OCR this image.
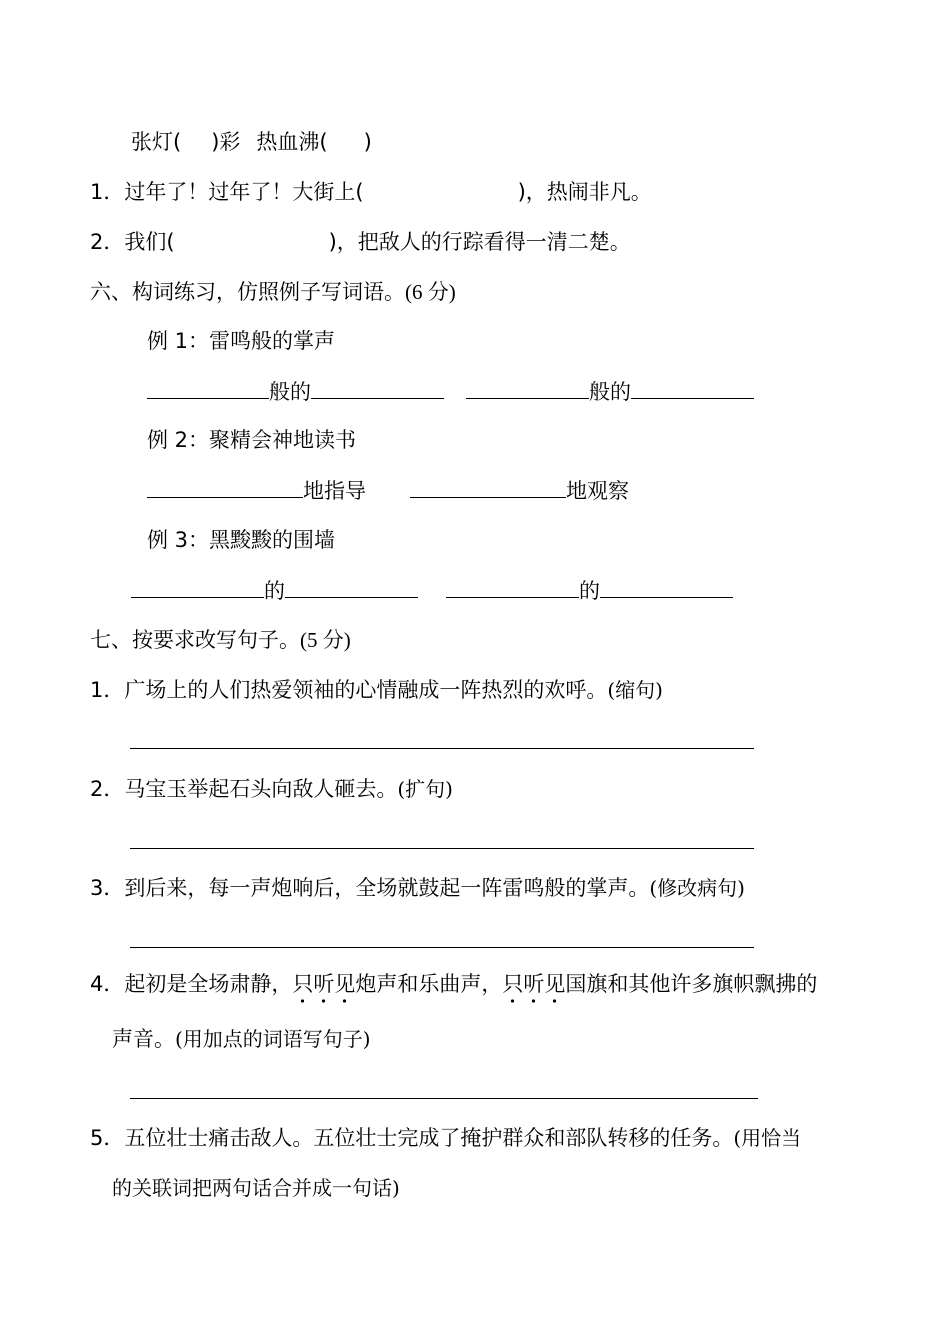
张灯( )彩 热血沸( )
1．过年了！过年了！大街上(	)，热闹非凡。
2．我们(	)，把敌人的行踪看得一清二楚。
六、构词练习，仿照例子写词语。(6 分)
例 1：雷鸣般的掌声
般的	般的
例 2：聚精会神地读书
地指导	地观察
例 3：黑黢黢的围墙
的	的
七、按要求改写句子。(5 分)
1．广场上的人们热爱领袖的心情融成一阵热烈的欢呼。(缩句)
2．马宝玉举起石头向敌人砸去。(扩句)
3．到后来，每一声炮响后，全场就鼓起一阵雷鸣般的掌声。(修改病句)
4．起初是全场肃静，只听见炮声和乐曲声，只听见国旗和其他许多旗帜飘拂的
声音。(用加点的词语写句子)
5．五位壮士痛击敌人。五位壮士完成了掩护群众和部队转移的任务。(用恰当
的关联词把两句话合并成一句话)
